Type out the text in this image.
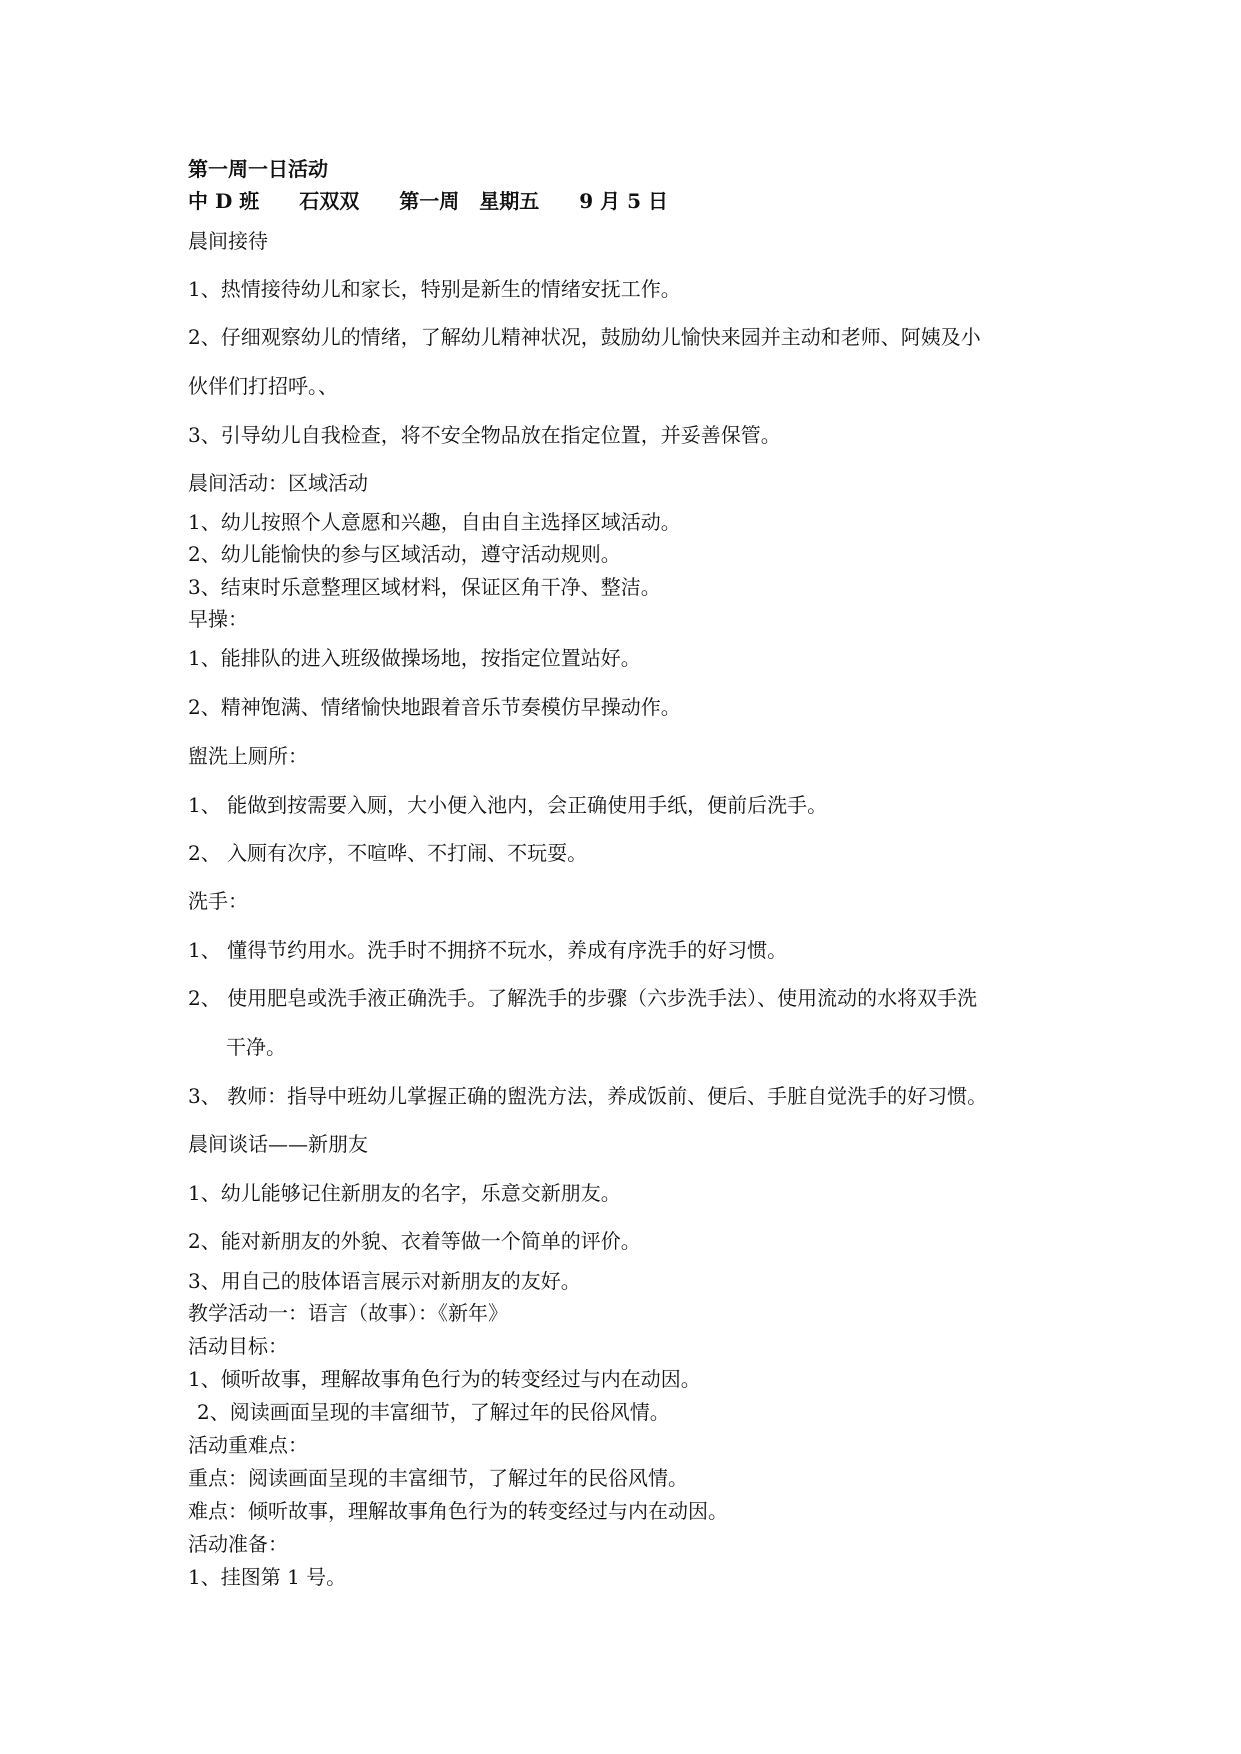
第一周一日活动
中 D 班　　石双双　　第一周　星期五　　9 月 5 日
晨间接待
1、热情接待幼儿和家长，特别是新生的情绪安抚工作。
2、仔细观察幼儿的情绪，了解幼儿精神状况，鼓励幼儿愉快来园并主动和老师、阿姨及小
伙伴们打招呼。、
3、引导幼儿自我检查，将不安全物品放在指定位置，并妥善保管。
晨间活动：区域活动
1、幼儿按照个人意愿和兴趣，自由自主选择区域活动。
2、幼儿能愉快的参与区域活动，遵守活动规则。
3、结束时乐意整理区域材料，保证区角干净、整洁。
早操：
1、能排队的进入班级做操场地，按指定位置站好。
2、精神饱满、情绪愉快地跟着音乐节奏模仿早操动作。
盥洗上厕所：
1、 能做到按需要入厕，大小便入池内，会正确使用手纸，便前后洗手。
2、 入厕有次序，不喧哗、不打闹、不玩耍。
洗手：
1、 懂得节约用水。洗手时不拥挤不玩水，养成有序洗手的好习惯。
2、 使用肥皂或洗手液正确洗手。了解洗手的步骤（六步洗手法）、使用流动的水将双手洗
干净。
3、 教师：指导中班幼儿掌握正确的盥洗方法，养成饭前、便后、手脏自觉洗手的好习惯。
晨间谈话——新朋友
1、幼儿能够记住新朋友的名字，乐意交新朋友。
2、能对新朋友的外貌、衣着等做一个简单的评价。
3、用自己的肢体语言展示对新朋友的友好。
教学活动一：语言（故事）：《新年》
活动目标：
1、倾听故事，理解故事角色行为的转变经过与内在动因。
2、阅读画面呈现的丰富细节，了解过年的民俗风情。
活动重难点：
重点：阅读画面呈现的丰富细节，了解过年的民俗风情。
难点：倾听故事，理解故事角色行为的转变经过与内在动因。
活动准备：
1、挂图第 1 号。
